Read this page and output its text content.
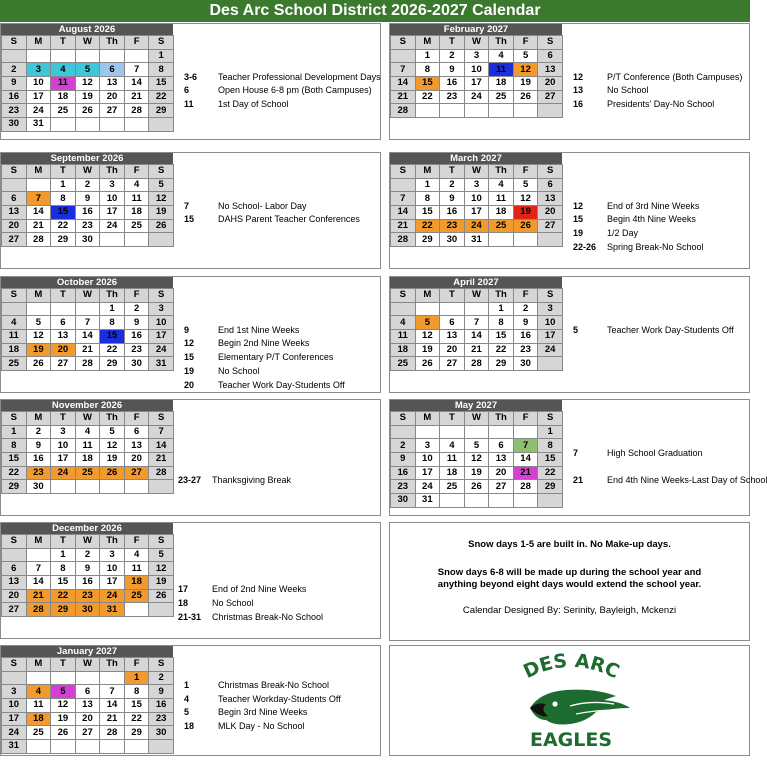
Des Arc School District 2026-2027 Calendar
August 2026
S	M	T	W	Th	F	S
						1
2	3	4	5	6	7	8
9	10	11	12	13	14	15
16	17	18	19	20	21	22
23	24	25	26	27	28	29
30	31					
3-6	Teacher Professional Development Days
6	Open House 6-8 pm (Both Campuses)
11	1st Day of School
February 2027
S	M	T	W	Th	F	S
	1	2	3	4	5	6
7	8	9	10	11	12	13
14	15	16	17	18	19	20
21	22	23	24	25	26	27
28						
12	P/T Conference (Both Campuses)
13	No School
16	Presidents' Day-No School
September 2026
S	M	T	W	Th	F	S
		1	2	3	4	5
6	7	8	9	10	11	12
13	14	15	16	17	18	19
20	21	22	23	24	25	26
27	28	29	30			
7	No School- Labor Day
15	DAHS Parent Teacher Conferences
March 2027
S	M	T	W	Th	F	S
	1	2	3	4	5	6
7	8	9	10	11	12	13
14	15	16	17	18	19	20
21	22	23	24	25	26	27
28	29	30	31			
12	End of 3rd Nine Weeks
15	Begin 4th Nine Weeks
19	1/2 Day
22-26	Spring Break-No School
October 2026
S	M	T	W	Th	F	S
				1	2	3
4	5	6	7	8	9	10
11	12	13	14	15	16	17
18	19	20	21	22	23	24
25	26	27	28	29	30	31
9	End 1st Nine Weeks
12	Begin 2nd Nine Weeks
15	Elementary P/T Conferences
19	No School
20	Teacher Work Day-Students Off
April 2027
S	M	T	W	Th	F	S
				1	2	3
4	5	6	7	8	9	10
11	12	13	14	15	16	17
18	19	20	21	22	23	24
25	26	27	28	29	30	
5	Teacher Work Day-Students Off
November 2026
S	M	T	W	Th	F	S
1	2	3	4	5	6	7
8	9	10	11	12	13	14
15	16	17	18	19	20	21
22	23	24	25	26	27	28
29	30					
23-27	Thanksgiving Break
May 2027
S	M	T	W	Th	F	S
						1
2	3	4	5	6	7	8
9	10	11	12	13	14	15
16	17	18	19	20	21	22
23	24	25	26	27	28	29
30	31					
7	High School Graduation
21	End 4th Nine Weeks-Last Day of School
December 2026
S	M	T	W	Th	F	S
		1	2	3	4	5
6	7	8	9	10	11	12
13	14	15	16	17	18	19
20	21	22	23	24	25	26
27	28	29	30	31		
17	End of 2nd Nine Weeks
18	No School
21-31	Christmas Break-No School
January 2027
S	M	T	W	Th	F	S
					1	2
3	4	5	6	7	8	9
10	11	12	13	14	15	16
17	18	19	20	21	22	23
24	25	26	27	28	29	30
31						
1	Christmas Break-No School
4	Teacher Workday-Students Off
5	Begin 3rd Nine Weeks
18	MLK Day - No School

Snow days 1-5 are built in. No Make-up days.

Snow days 6-8 will be made up during the school year and

anything beyond eight days would extend the school year.

Calendar Designed By: Serinity, Bayleigh, Mckenzi

DES ARC
EAGLES
